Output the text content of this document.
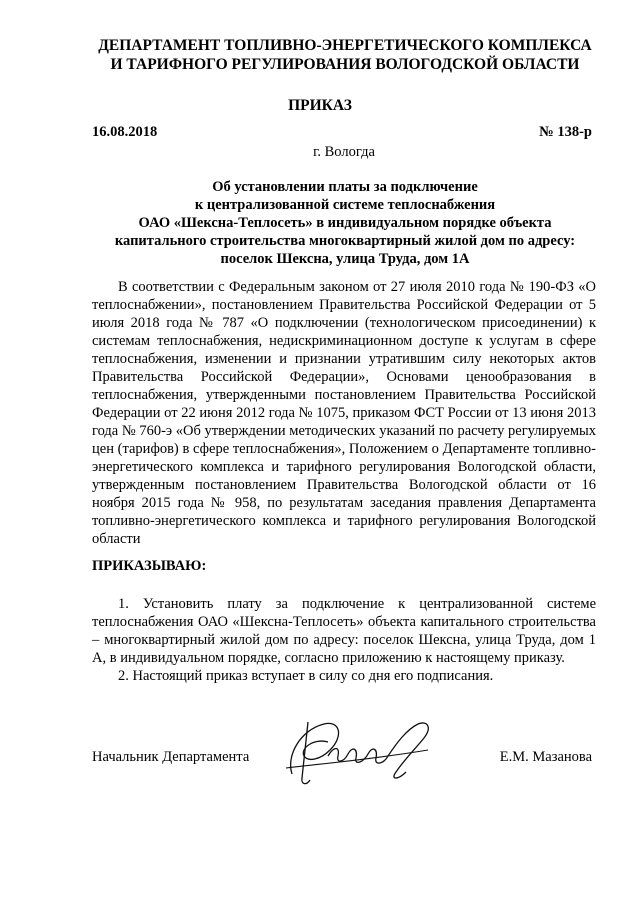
ДЕПАРТАМЕНТ ТОПЛИВНО-ЭНЕРГЕТИЧЕСКОГО КОМПЛЕКСА
И ТАРИФНОГО РЕГУЛИРОВАНИЯ ВОЛОГОДСКОЙ ОБЛАСТИ
ПРИКАЗ
16.08.2018	№ 138-р
г. Вологда
Об установлении платы за подключение
к централизованной системе теплоснабжения
ОАО «Шексна-Теплосеть» в индивидуальном порядке объекта
капитального строительства многоквартирный жилой дом по адресу:
поселок Шексна, улица Труда, дом 1А

В соответствии с Федеральным законом от 27 июля 2010 года № 190-ФЗ «О теплоснабжении», постановлением Правительства Российской Федерации от 5 июля 2018 года № 787 «О подключении (технологическом присоединении) к системам теплоснабжения, недискриминационном доступе к услугам в сфере теплоснабжения, изменении и признании утратившим силу некоторых актов Правительства Российской Федерации», Основами ценообразования в теплоснабжения, утвержденными постановлением Правительства Российской Федерации от 22 июня 2012 года № 1075, приказом ФСТ России от 13 июня 2013 года № 760-э «Об утверждении методических указаний по расчету регулируемых цен (тарифов) в сфере теплоснабжения», Положением о Департаменте топливно-энергетического комплекса и тарифного регулирования Вологодской области, утвержденным постановлением Правительства Вологодской области от 16 ноября 2015 года № 958, по результатам заседания правления Департамента топливно-энергетического комплекса и тарифного регулирования Вологодской области

ПРИКАЗЫВАЮ:

1. Установить плату за подключение к централизованной системе теплоснабжения ОАО «Шексна-Теплосеть» объекта капитального строительства – многоквартирный жилой дом по адресу: поселок Шексна, улица Труда, дом 1 А, в индивидуальном порядке, согласно приложению к настоящему приказу.

2. Настоящий приказ вступает в силу со дня его подписания.

Начальник Департамента	Е.М. Мазанова
